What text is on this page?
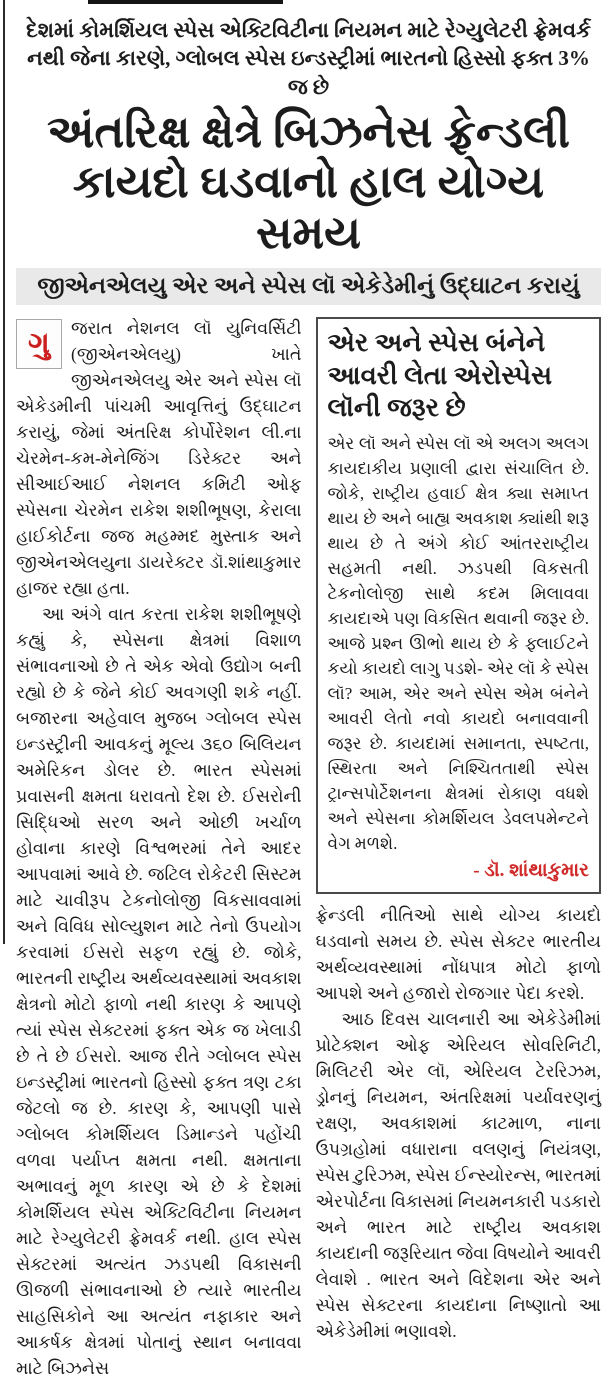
દેશમાં કોમર્શિયલ સ્પેસ એક્ટિવિટીના નિયમન માટે રેગ્યુલેટરી ફ્રેમવર્ક નથી જેના કારણે, ગ્લોબલ સ્પેસ ઇન્ડસ્ટ્રીમાં ભારતનો હિસ્સો ફક્ત 3% જ છે
અંતરિક્ષ ક્ષેત્રે બિઝનેસ ફ્રેન્ડલી કાયદો ઘડવાનો હાલ યોગ્ય સમય
જીએનએલયુ એર અને સ્પેસ લૉ એકેડેમીનું ઉદ્ઘાટન કરાયું

ગુ જરાત નેશનલ લૉ યુનિવર્સિટી (જીએનએલયુ) ખાતે જીએનએલયુ એર અને સ્પેસ લૉ એકેડમીની પાંચમી આવૃત્તિનું ઉદ્ઘાટન કરાયું, જેમાં અંતરિક્ષ કોર્પોરેશન લી.ના ચેરમેન-કમ-મેનેજિંગ ડિરેક્ટર અને સીઆઈઆઈ નેશનલ કમિટી ઓફ સ્પેસના ચેરમેન રાકેશ શશીભૂષણ, કેરાલા હાઈકોર્ટના જજ મહમ્મદ મુસ્તાક અને જીએનએલયુના ડાયરેક્ટર ડૉ.શાંથાકુમાર હાજર રહ્યા હતા.

આ અંગે વાત કરતા રાકેશ શશીભૂષણે કહ્યું કે, સ્પેસના ક્ષેત્રમાં વિશાળ સંભાવનાઓ છે તે એક એવો ઉદ્યોગ બની રહ્યો છે કે જેને કોઈ અવગણી શકે નહીં. બજારના અહેવાલ મુજબ ગ્લોબલ સ્પેસ ઇન્ડસ્ટ્રીની આવકનું મૂલ્ય ૩૬૦ બિલિયન અમેરિકન ડોલર છે. ભારત સ્પેસમાં પ્રવાસની ક્ષમતા ધરાવતો દેશ છે. ઈસરોની સિદ્ધિઓ સરળ અને ઓછી ખર્ચાળ હોવાના કારણે વિશ્વભરમાં તેને આદર આપવામાં આવે છે. જટિલ રોકેટરી સિસ્ટમ માટે ચાવીરૂપ ટેકનોલોજી વિકસાવવામાં અને વિવિધ સોલ્યુશન માટે તેનો ઉપયોગ કરવામાં ઈસરો સફળ રહ્યું છે. જોકે, ભારતની રાષ્ટ્રીય અર્થવ્યવસ્થામાં અવકાશ ક્ષેત્રનો મોટો ફાળો નથી કારણ કે આપણે ત્યાં સ્પેસ સેક્ટરમાં ફક્ત એક જ ખેલાડી છે તે છે ઈસરો. આજ રીતે ગ્લોબલ સ્પેસ ઇન્ડસ્ટ્રીમાં ભારતનો હિસ્સો ફક્ત ત્રણ ટકા જેટલો જ છે. કારણ કે, આપણી પાસે ગ્લોબલ કોમર્શિયલ ડિમાન્ડને પહોંચી વળવા પર્યાપ્ત ક્ષમતા નથી. ક્ષમતાના અભાવનું મૂળ કારણ એ છે કે દેશમાં કોમર્શિયલ સ્પેસ એક્ટિવિટીના નિયમન માટે રેગ્યુલેટરી ફ્રેમવર્ક નથી. હાલ સ્પેસ સેક્ટરમાં અત્યંત ઝડપથી વિકાસની ઊજળી સંભાવનાઓ છે ત્યારે ભારતીય સાહસિકોને આ અત્યંત નફાકાર અને આકર્ષક ક્ષેત્રમાં પોતાનું સ્થાન બનાવવા માટે બિઝનેસ

એર અને સ્પેસ બંનેને આવરી લેતા એરોસ્પેસ લૉની જરૂર છે
એર લૉ અને સ્પેસ લૉ એ અલગ અલગ કાયદાકીય પ્રણાલી દ્વારા સંચાલિત છે. જોકે, રાષ્ટ્રીય હવાઈ ક્ષેત્ર ક્યા સમાપ્ત થાય છે અને બાહ્ય અવકાશ ક્યાંથી શરૂ થાય છે તે અંગે કોઈ આંતરરાષ્ટ્રીય સહમતી નથી. ઝડપથી વિકસતી ટેકનોલોજી સાથે કદમ મિલાવવા કાયદાએ પણ વિકસિત થવાની જરૂર છે. આજે પ્રશ્ન ઊભો થાય છે કે ફ્લાઈટને કયો કાયદો લાગુ પડશે- એર લૉ કે સ્પેસ લૉ? આમ, એર અને સ્પેસ એમ બંનેને આવરી લેતો નવો કાયદો બનાવવાની જરૂર છે. કાયદામાં સમાનતા, સ્પષ્ટતા, સ્થિરતા અને નિશ્ચિતતાથી સ્પેસ ટ્રાન્સપોર્ટેશનના ક્ષેત્રમાં રોકાણ વધશે અને સ્પેસના કોમર્શિયલ ડેવલપમેન્ટને વેગ મળશે.
- ડૉ. શાંથાકુમાર

ફ્રેન્ડલી નીતિઓ સાથે યોગ્ય કાયદો ઘડવાનો સમય છે. સ્પેસ સેક્ટર ભારતીય અર્થવ્યવસ્થામાં નોંધપાત્ર મોટો ફાળો આપશે અને હજારો રોજગાર પેદા કરશે.

આઠ દિવસ ચાલનારી આ એકેડેમીમાં પ્રોટેક્શન ઓફ એરિયલ સોવરિનિટી, મિલિટરી એર લૉ, એરિયલ ટેરરિઝમ, ડ્રોનનું નિયમન, અંતરિક્ષમાં પર્યાવરણનું રક્ષણ, અવકાશમાં કાટમાળ, નાના ઉપગ્રહોમાં વધારાના વલણનું નિયંત્રણ, સ્પેસ ટુરિઝમ, સ્પેસ ઈન્સ્યોરન્સ, ભારતમાં એરપોર્ટના વિકાસમાં નિયમનકારી પડકારો અને ભારત માટે રાષ્ટ્રીય અવકાશ કાયદાની જરૂરિયાત જેવા વિષયોને આવરી લેવાશે . ભારત અને વિદેશના એર અને સ્પેસ સેક્ટરના કાયદાના નિષ્ણાતો આ એકેડેમીમાં ભણાવશે.
